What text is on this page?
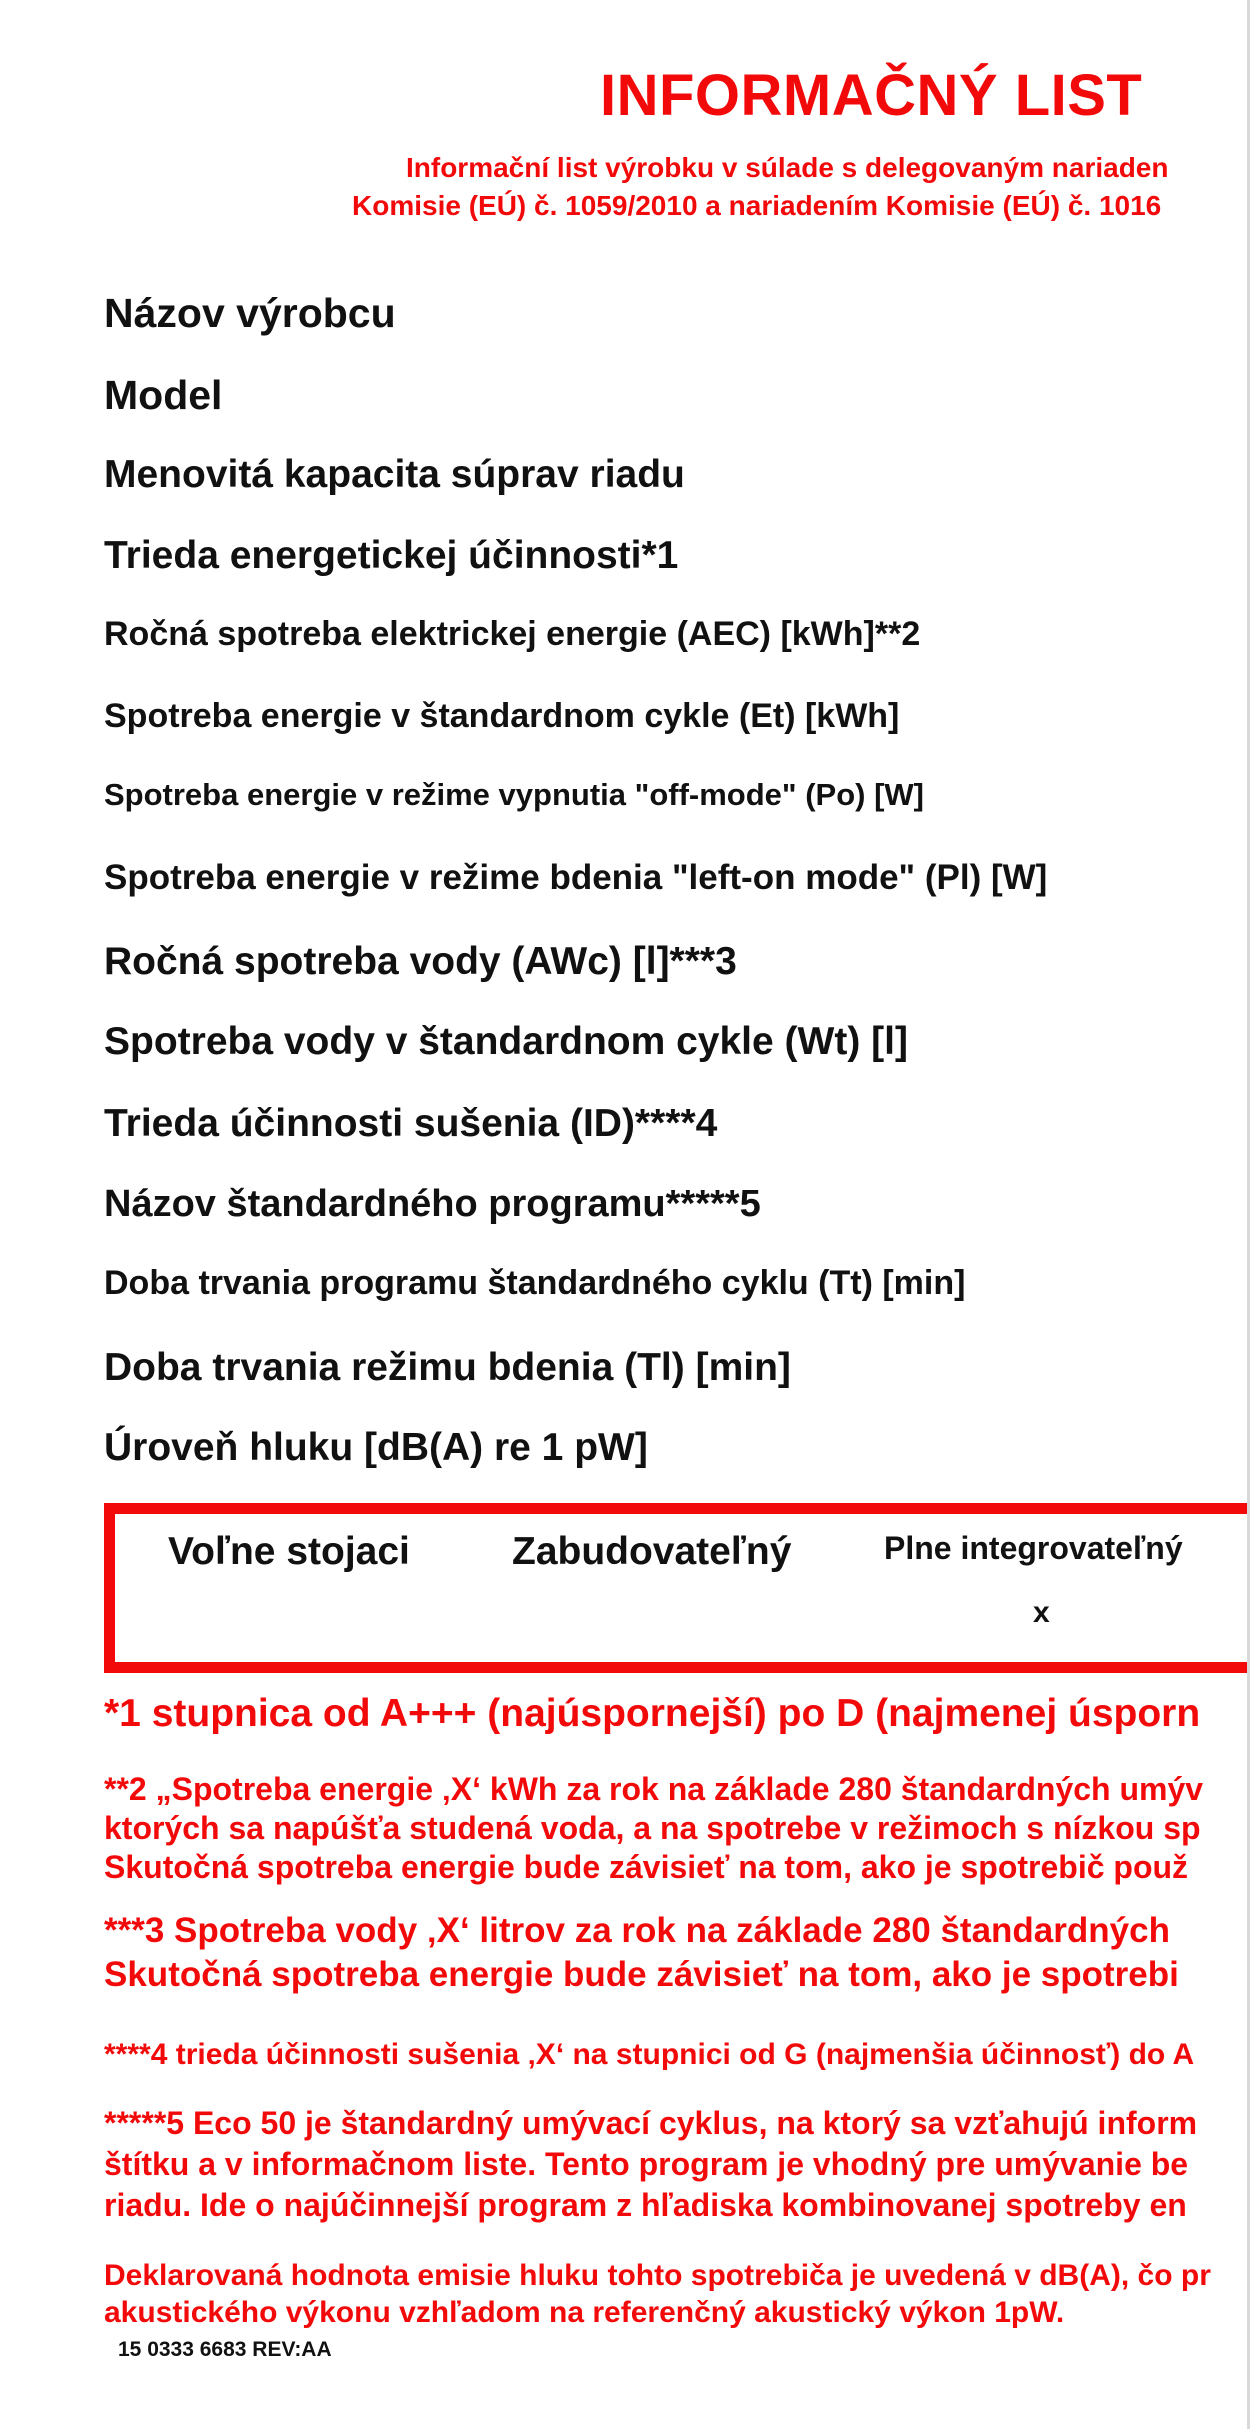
INFORMAČNÝ LIST
Informační list výrobku v súlade s delegovaným nariaden
Komisie (EÚ) č. 1059/2010 a nariadením Komisie (EÚ) č. 1016
Názov výrobcu
Model
Menovitá kapacita súprav riadu
Trieda energetickej účinnosti*1
Ročná spotreba elektrickej energie (AEC) [kWh]**2
Spotreba energie v štandardnom cykle (Et) [kWh]
Spotreba energie v režime vypnutia "off-mode" (Po) [W]
Spotreba energie v režime bdenia "left-on mode" (Pl) [W]
Ročná spotreba vody (AWc) [l]***3
Spotreba vody v štandardnom cykle (Wt) [l]
Trieda účinnosti sušenia (ID)****4
Názov štandardného programu*****5
Doba trvania programu štandardného cyklu (Tt) [min]
Doba trvania režimu bdenia (Tl) [min]
Úroveň hluku [dB(A) re 1 pW]
Voľne stojaci	Zabudovateľný	Plne integrovateľný
x
*1 stupnica od A+++ (najúspornejší) po D (najmenej úsporn
**2 „Spotreba energie ‚X‘ kWh za rok na základe 280 štandardných umýv
ktorých sa napúšťa studená voda, a na spotrebe v režimoch s nízkou sp
Skutočná spotreba energie bude závisieť na tom, ako je spotrebič použ
***3 Spotreba vody ‚X‘ litrov za rok na základe 280 štandardných
Skutočná spotreba energie bude závisieť na tom, ako je spotrebi
****4 trieda účinnosti sušenia ‚X‘ na stupnici od G (najmenšia účinnosť) do A
*****5 Eco 50 je štandardný umývací cyklus, na ktorý sa vzťahujú inform
štítku a v informačnom liste. Tento program je vhodný pre umývanie be
riadu. Ide o najúčinnejší program z hľadiska kombinovanej spotreby en
Deklarovaná hodnota emisie hluku tohto spotrebiča je uvedená v dB(A), čo pr
akustického výkonu vzhľadom na referenčný akustický výkon 1pW.
15 0333 6683 REV:AA
